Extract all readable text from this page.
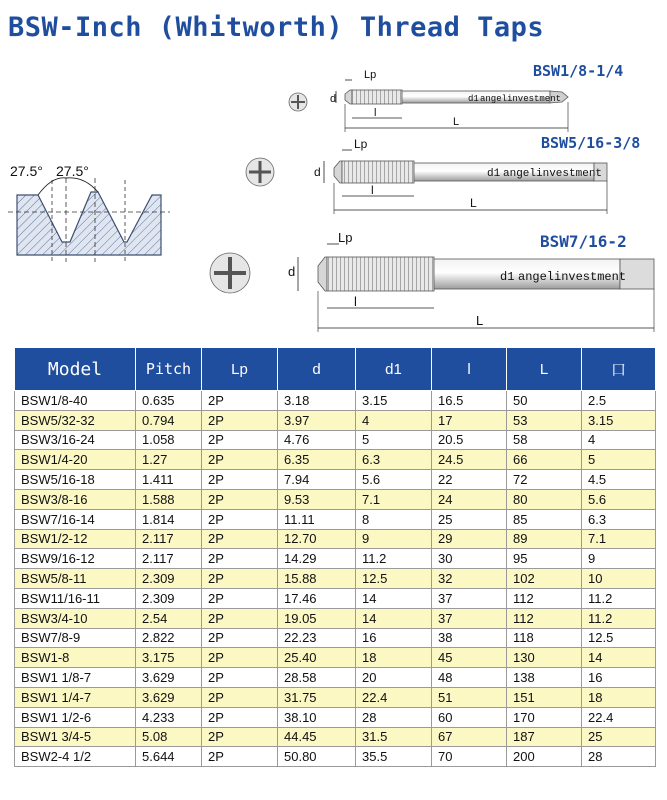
BSW-Inch (Whitworth) Thread Taps
27.5° 27.5°
Lp
d	d1 angelinvestment
l
L
BSW1/8-1/4
Lp
d	d1 angelinvestment
l
L
BSW5/16-3/8
Lp
d	d1 angelinvestment
l
L
BSW7/16-2
Model	Pitch	Lp	d	d1	l	L	口
BSW1/8-40	0.635	2P	3.18	3.15	16.5	50	2.5
BSW5/32-32	0.794	2P	3.97	4	17	53	3.15
BSW3/16-24	1.058	2P	4.76	5	20.5	58	4
BSW1/4-20	1.27	2P	6.35	6.3	24.5	66	5
BSW5/16-18	1.411	2P	7.94	5.6	22	72	4.5
BSW3/8-16	1.588	2P	9.53	7.1	24	80	5.6
BSW7/16-14	1.814	2P	11.11	8	25	85	6.3
BSW1/2-12	2.117	2P	12.70	9	29	89	7.1
BSW9/16-12	2.117	2P	14.29	11.2	30	95	9
BSW5/8-11	2.309	2P	15.88	12.5	32	102	10
BSW11/16-11	2.309	2P	17.46	14	37	112	11.2
BSW3/4-10	2.54	2P	19.05	14	37	112	11.2
BSW7/8-9	2.822	2P	22.23	16	38	118	12.5
BSW1-8	3.175	2P	25.40	18	45	130	14
BSW1 1/8-7	3.629	2P	28.58	20	48	138	16
BSW1 1/4-7	3.629	2P	31.75	22.4	51	151	18
BSW1 1/2-6	4.233	2P	38.10	28	60	170	22.4
BSW1 3/4-5	5.08	2P	44.45	31.5	67	187	25
BSW2-4 1/2	5.644	2P	50.80	35.5	70	200	28
